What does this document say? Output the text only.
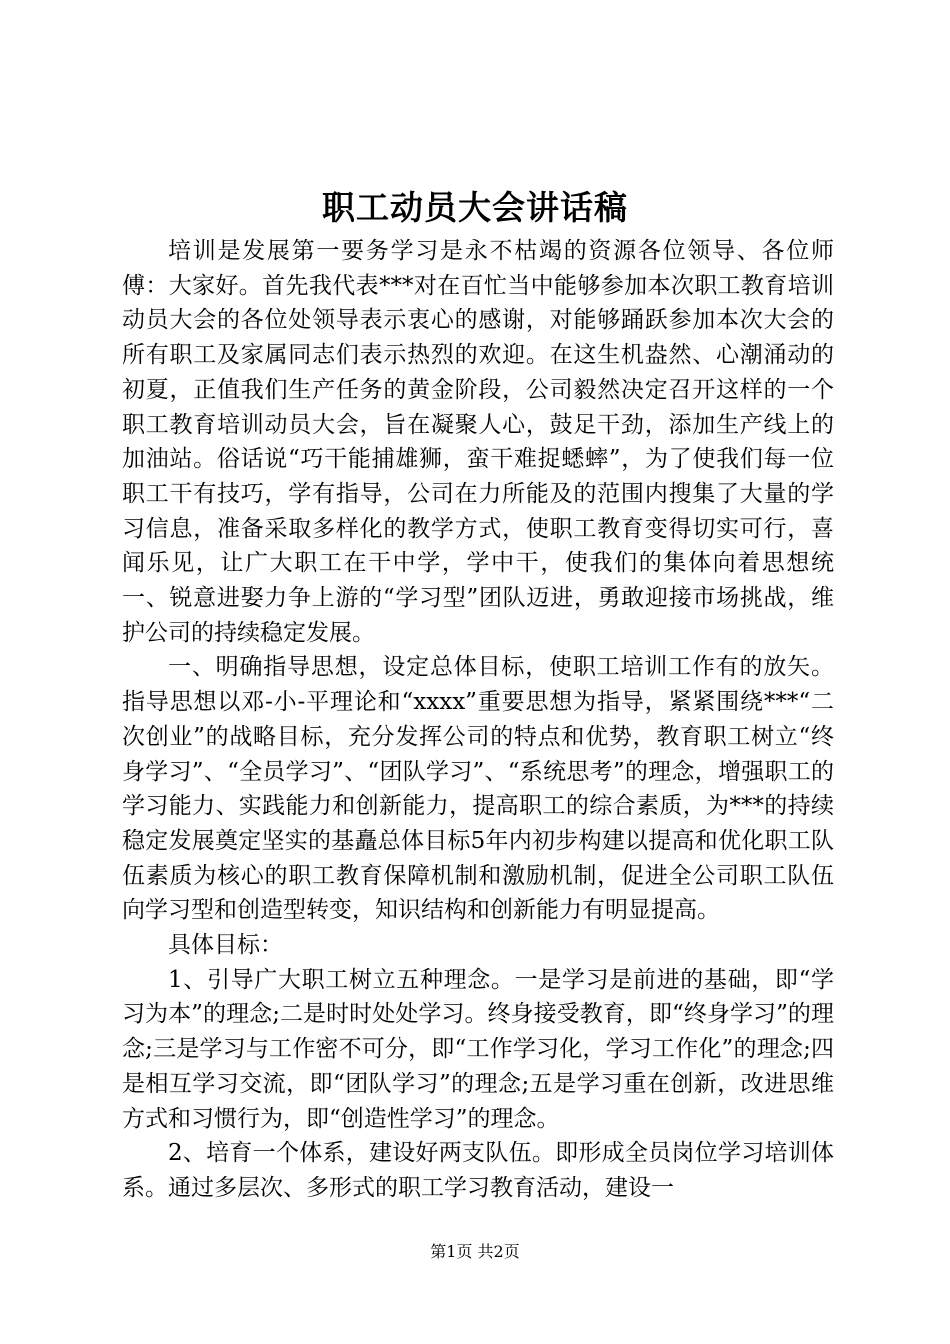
职工动员大会讲话稿

培训是发展第一要务学习是永不枯竭的资源各位领导、各位师傅：大家好。首先我代表***对在百忙当中能够参加本次职工教育培训动员大会的各位处领导表示衷心的感谢，对能够踊跃参加本次大会的所有职工及家属同志们表示热烈的欢迎。在这生机盎然、心潮涌动的初夏，正值我们生产任务的黄金阶段，公司毅然决定召开这样的一个职工教育培训动员大会，旨在凝聚人心，鼓足干劲，添加生产线上的加油站。俗话说“巧干能捕雄狮，蛮干难捉蟋蟀”，为了使我们每一位职工干有技巧，学有指导，公司在力所能及的范围内搜集了大量的学习信息，准备采取多样化的教学方式，使职工教育变得切实可行，喜闻乐见，让广大职工在干中学，学中干，使我们的集体向着思想统一、锐意进娶力争上游的“学习型”团队迈进，勇敢迎接市场挑战，维护公司的持续稳定发展。

一、明确指导思想，设定总体目标，使职工培训工作有的放矢。指导思想以邓-小-平理论和“xxxx”重要思想为指导，紧紧围绕***“二次创业”的战略目标，充分发挥公司的特点和优势，教育职工树立“终身学习”、“全员学习”、“团队学习”、“系统思考”的理念，增强职工的学习能力、实践能力和创新能力，提高职工的综合素质，为***的持续稳定发展奠定坚实的基矗总体目标5年内初步构建以提高和优化职工队伍素质为核心的职工教育保障机制和激励机制，促进全公司职工队伍向学习型和创造型转变，知识结构和创新能力有明显提高。

具体目标：

1、引导广大职工树立五种理念。一是学习是前进的基础，即“学习为本”的理念;二是时时处处学习。终身接受教育，即“终身学习”的理念;三是学习与工作密不可分，即“工作学习化，学习工作化”的理念;四是相互学习交流，即“团队学习”的理念;五是学习重在创新，改进思维方式和习惯行为，即“创造性学习”的理念。

2、培育一个体系，建设好两支队伍。即形成全员岗位学习培训体系。通过多层次、多形式的职工学习教育活动，建设一

第1页 共2页
